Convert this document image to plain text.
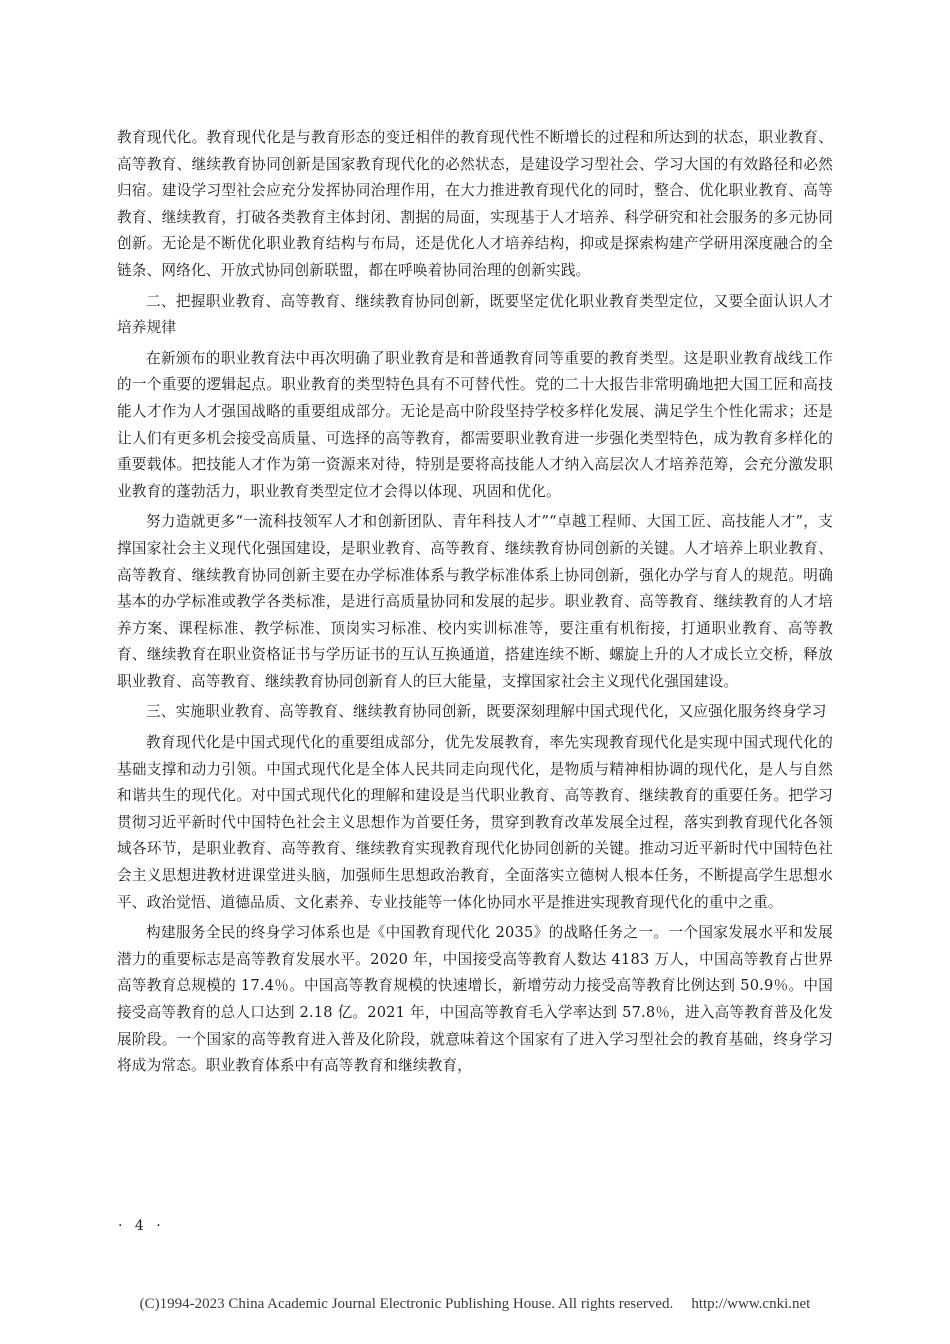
教育现代化。教育现代化是与教育形态的变迁相伴的教育现代性不断增长的过程和所达到的状态，职业教育、高等教育、继续教育协同创新是国家教育现代化的必然状态，是建设学习型社会、学习大国的有效路径和必然归宿。建设学习型社会应充分发挥协同治理作用，在大力推进教育现代化的同时，整合、优化职业教育、高等教育、继续教育，打破各类教育主体封闭、割据的局面，实现基于人才培养、科学研究和社会服务的多元协同创新。无论是不断优化职业教育结构与布局，还是优化人才培养结构，抑或是探索构建产学研用深度融合的全链条、网络化、开放式协同创新联盟，都在呼唤着协同治理的创新实践。

二、把握职业教育、高等教育、继续教育协同创新，既要坚定优化职业教育类型定位，又要全面认识人才培养规律

在新颁布的职业教育法中再次明确了职业教育是和普通教育同等重要的教育类型。这是职业教育战线工作的一个重要的逻辑起点。职业教育的类型特色具有不可替代性。党的二十大报告非常明确地把大国工匠和高技能人才作为人才强国战略的重要组成部分。无论是高中阶段坚持学校多样化发展、满足学生个性化需求；还是让人们有更多机会接受高质量、可选择的高等教育，都需要职业教育进一步强化类型特色，成为教育多样化的重要载体。把技能人才作为第一资源来对待，特别是要将高技能人才纳入高层次人才培养范筹，会充分激发职业教育的蓬勃活力，职业教育类型定位才会得以体现、巩固和优化。

努力造就更多“一流科技领军人才和创新团队、青年科技人才”“卓越工程师、大国工匠、高技能人才”，支撑国家社会主义现代化强国建设，是职业教育、高等教育、继续教育协同创新的关键。人才培养上职业教育、高等教育、继续教育协同创新主要在办学标准体系与教学标准体系上协同创新，强化办学与育人的规范。明确基本的办学标准或教学各类标准，是进行高质量协同和发展的起步。职业教育、高等教育、继续教育的人才培养方案、课程标准、教学标准、顶岗实习标准、校内实训标准等，要注重有机衔接，打通职业教育、高等教育、继续教育在职业资格证书与学历证书的互认互换通道，搭建连续不断、螺旋上升的人才成长立交桥，释放职业教育、高等教育、继续教育协同创新育人的巨大能量，支撑国家社会主义现代化强国建设。

三、实施职业教育、高等教育、继续教育协同创新，既要深刻理解中国式现代化，又应强化服务终身学习

教育现代化是中国式现代化的重要组成部分，优先发展教育，率先实现教育现代化是实现中国式现代化的基础支撑和动力引领。中国式现代化是全体人民共同走向现代化，是物质与精神相协调的现代化，是人与自然和谐共生的现代化。对中国式现代化的理解和建设是当代职业教育、高等教育、继续教育的重要任务。把学习贯彻习近平新时代中国特色社会主义思想作为首要任务，贯穿到教育改革发展全过程，落实到教育现代化各领域各环节，是职业教育、高等教育、继续教育实现教育现代化协同创新的关键。推动习近平新时代中国特色社会主义思想进教材进课堂进头脑，加强师生思想政治教育，全面落实立德树人根本任务，不断提高学生思想水平、政治觉悟、道德品质、文化素养、专业技能等一体化协同水平是推进实现教育现代化的重中之重。

构建服务全民的终身学习体系也是《中国教育现代化 2035》的战略任务之一。一个国家发展水平和发展潜力的重要标志是高等教育发展水平。2020 年，中国接受高等教育人数达 4183 万人，中国高等教育占世界高等教育总规模的 17.4％。中国高等教育规模的快速增长，新增劳动力接受高等教育比例达到 50.9％。中国接受高等教育的总人口达到 2.18 亿。2021 年，中国高等教育毛入学率达到 57.8％，进入高等教育普及化发展阶段。一个国家的高等教育进入普及化阶段，就意味着这个国家有了进入学习型社会的教育基础，终身学习将成为常态。职业教育体系中有高等教育和继续教育，

· 4 ·
(C)1994-2023 China Academic Journal Electronic Publishing House. All rights reserved. http://www.cnki.net
